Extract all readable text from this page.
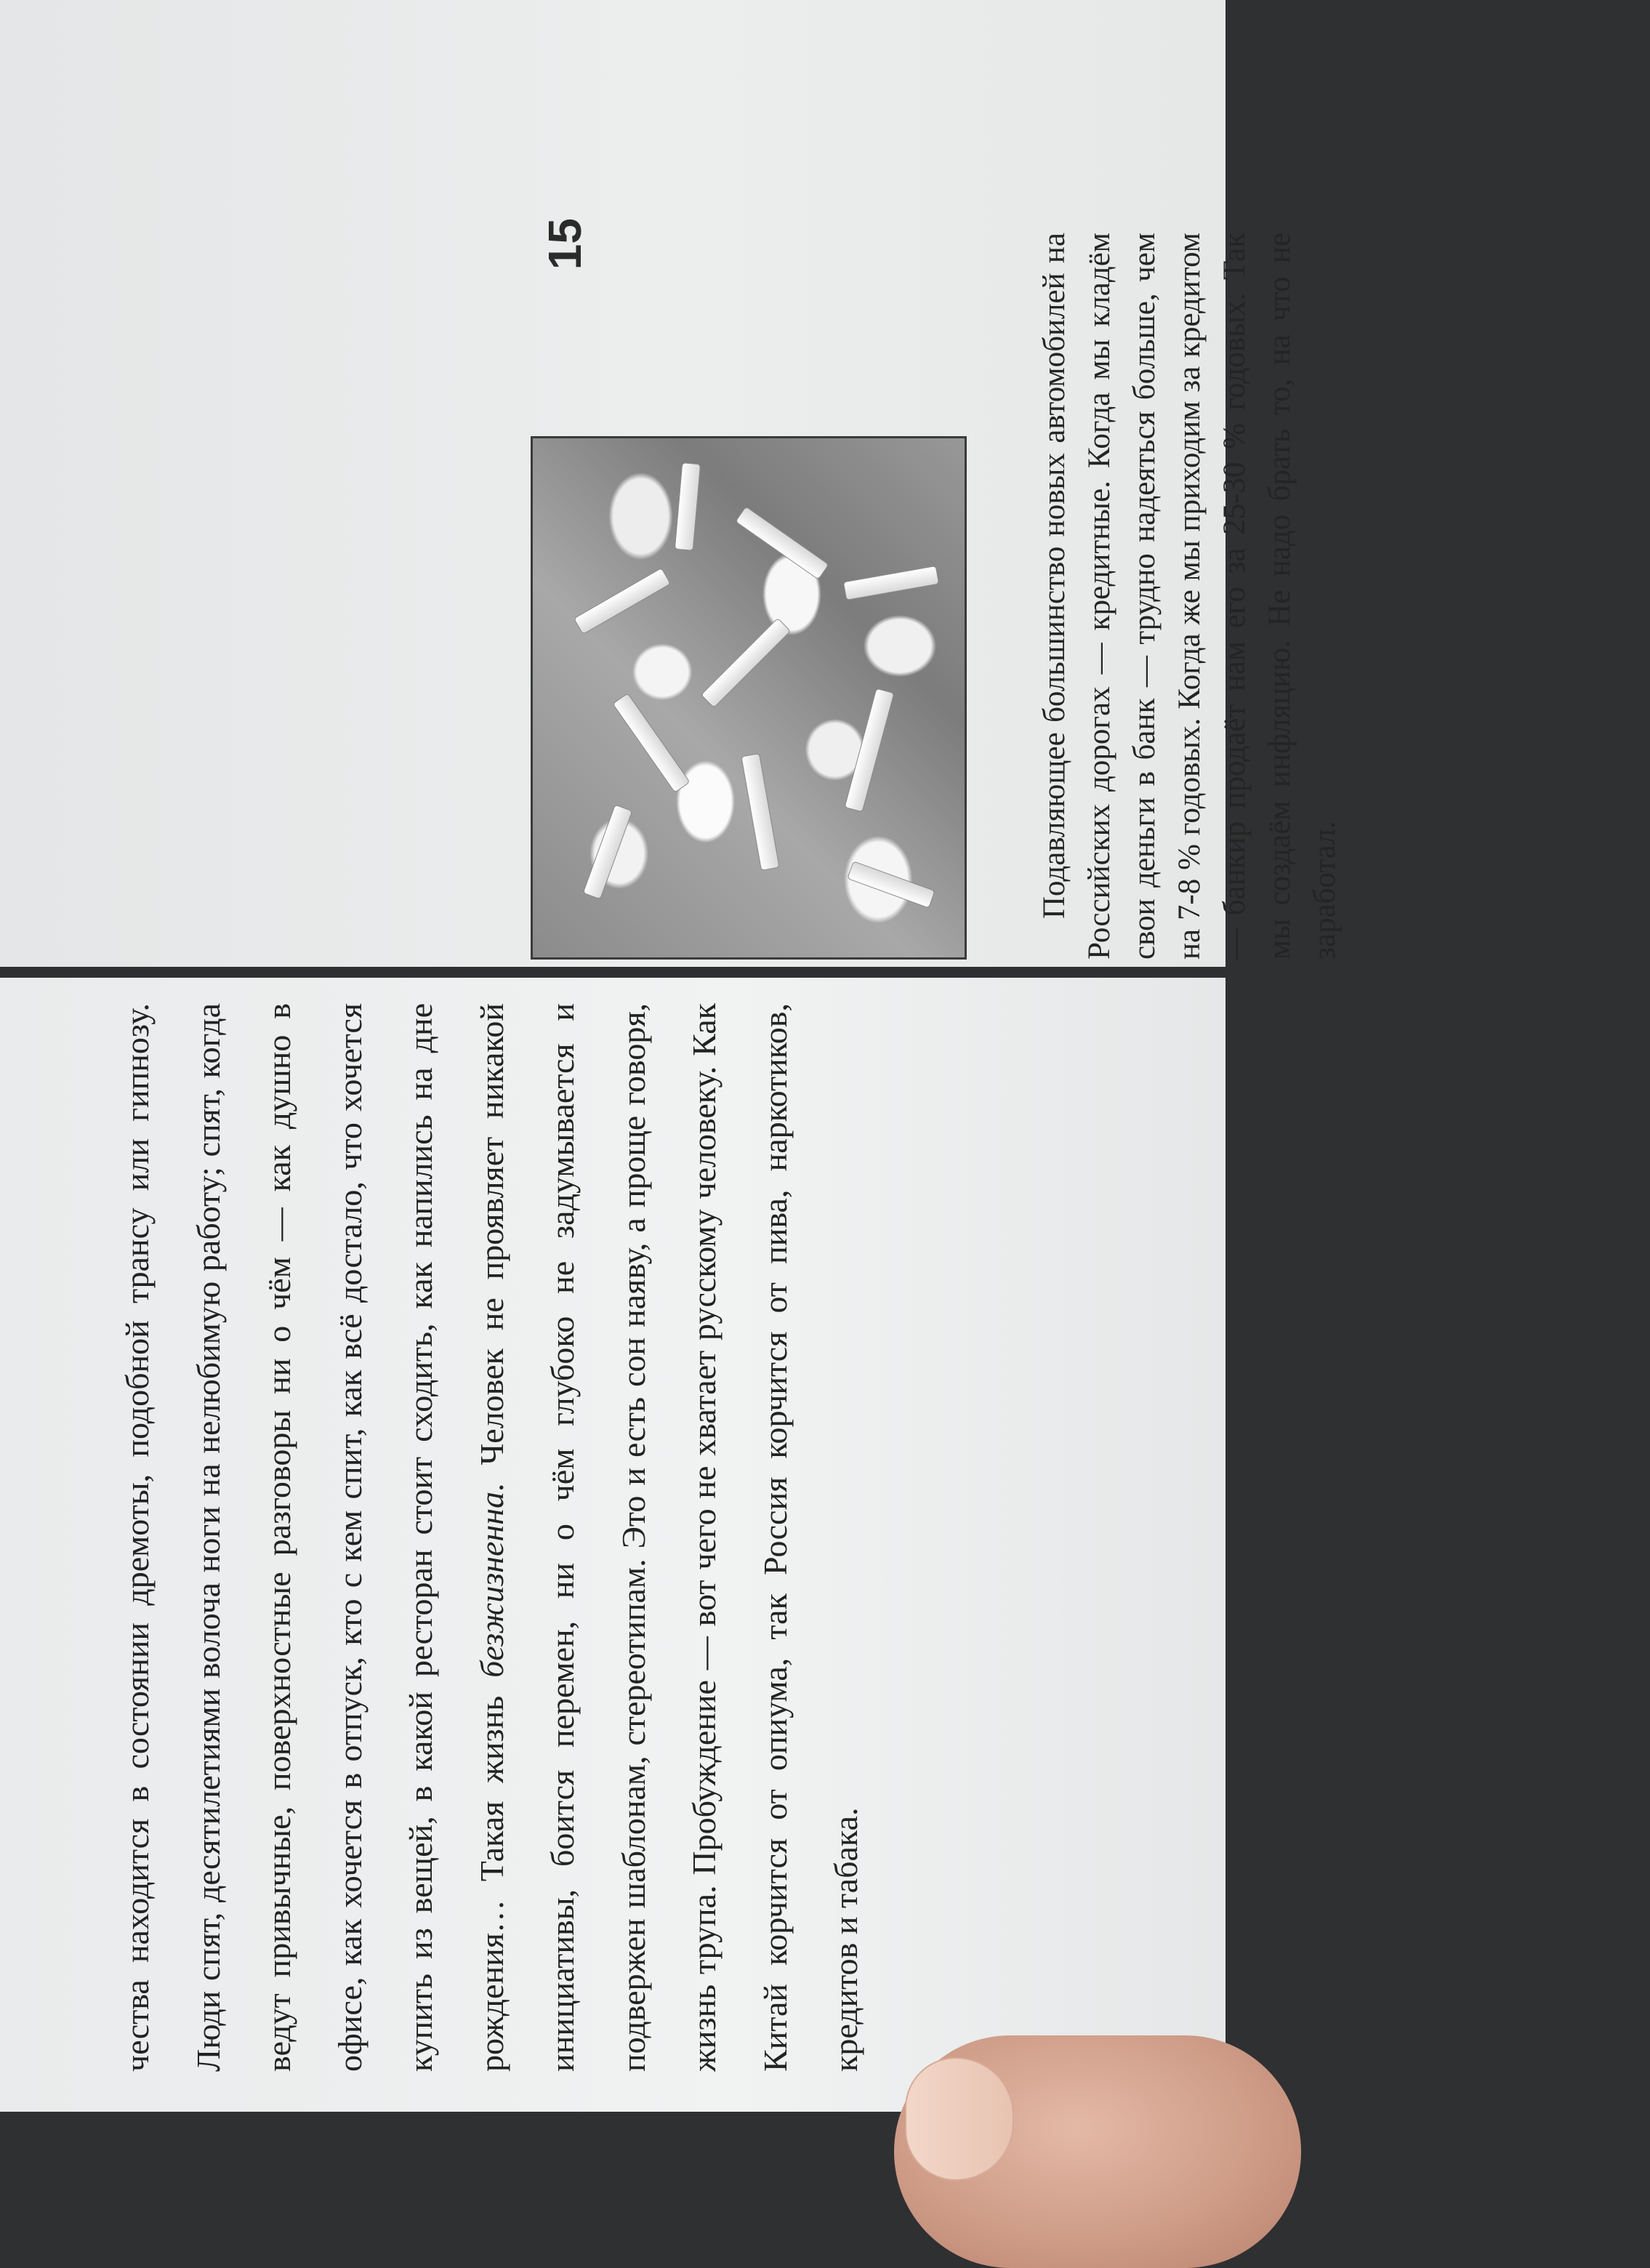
Подавляющее большинство новых автомобилей на Российских дорогах — кредитные. Когда мы кладём свои деньги в банк — трудно надеяться больше, чем на 7-8 % годовых. Когда же мы приходим за кредитом — банкир продаёт нам его за 25-30 % годовых. Так мы создаём инфляцию. Не надо брать то, на что не заработал.

15

чества находится в состоянии дремоты, подобной трансу или гипнозу. Люди спят, десятилетиями волоча ноги на нелюбимую работу; спят, когда ведут привычные, поверхностные разговоры ни о чём — как душно в офисе, как хочется в отпуск, кто с кем спит, как всё достало, что хочется купить из вещей, в какой ресторан стоит сходить, как напились на дне рождения… Такая жизнь безжизненна. Человек не проявляет никакой инициативы, боится перемен, ни о чём глубоко не задумывается и подвержен шаблонам, стереотипам. Это и есть сон наяву, а проще говоря, жизнь трупа. Пробуждение — вот чего не хватает русскому человеку. Как Китай корчится от опиума, так Россия корчится от пива, наркотиков, кредитов и табака.
